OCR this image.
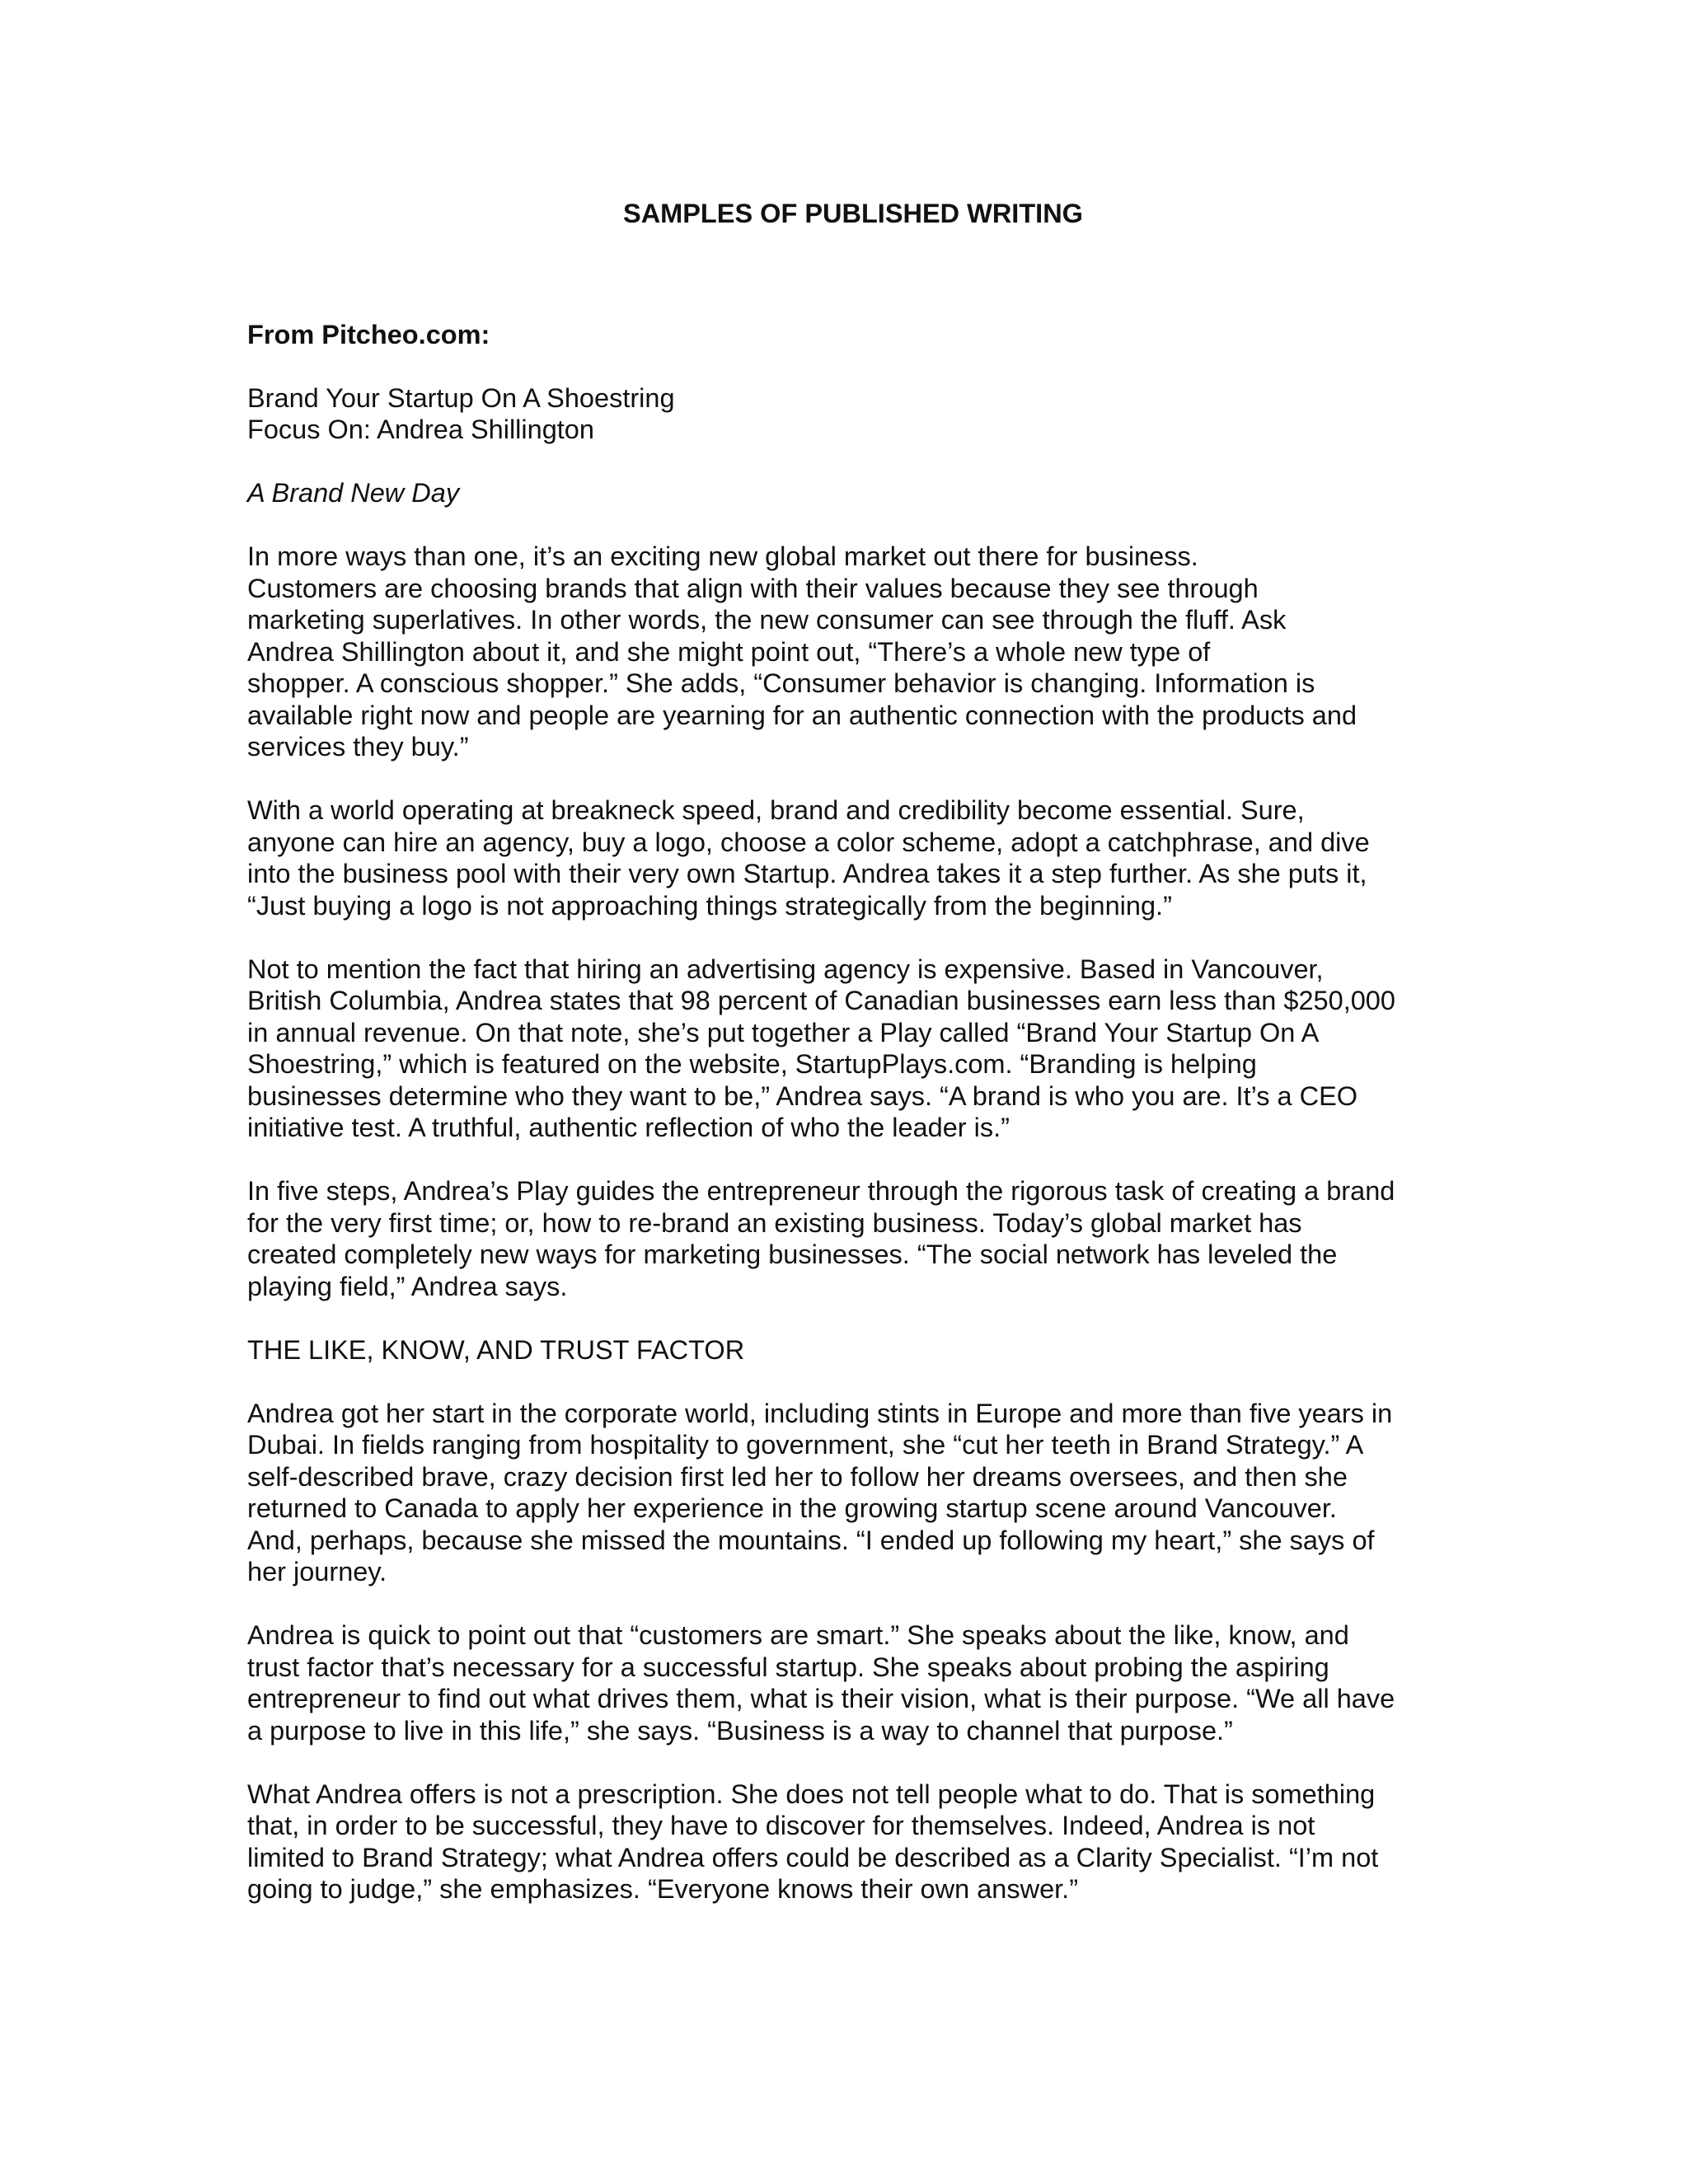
SAMPLES OF PUBLISHED WRITING
From Pitcheo.com:
Brand Your Startup On A Shoestring
Focus On: Andrea Shillington
A Brand New Day

In more ways than one, it’s an exciting new global market out there for business.
Customers are choosing brands that align with their values because they see through
marketing superlatives. In other words, the new consumer can see through the fluff. Ask
Andrea Shillington about it, and she might point out, “There’s a whole new type of
shopper. A conscious shopper.” She adds, “Consumer behavior is changing. Information is
available right now and people are yearning for an authentic connection with the products and
services they buy.”

With a world operating at breakneck speed, brand and credibility become essential. Sure,
anyone can hire an agency, buy a logo, choose a color scheme, adopt a catchphrase, and dive
into the business pool with their very own Startup. Andrea takes it a step further. As she puts it,
“Just buying a logo is not approaching things strategically from the beginning.”

Not to mention the fact that hiring an advertising agency is expensive. Based in Vancouver,
British Columbia, Andrea states that 98 percent of Canadian businesses earn less than $250,000
in annual revenue. On that note, she’s put together a Play called “Brand Your Startup On A
Shoestring,” which is featured on the website, StartupPlays.com. “Branding is helping
businesses determine who they want to be,” Andrea says. “A brand is who you are. It’s a CEO
initiative test. A truthful, authentic reflection of who the leader is.”

In five steps, Andrea’s Play guides the entrepreneur through the rigorous task of creating a brand
for the very first time; or, how to re-brand an existing business. Today’s global market has
created completely new ways for marketing businesses. “The social network has leveled the
playing field,” Andrea says.

THE LIKE, KNOW, AND TRUST FACTOR

Andrea got her start in the corporate world, including stints in Europe and more than five years in
Dubai. In fields ranging from hospitality to government, she “cut her teeth in Brand Strategy.” A
self-described brave, crazy decision first led her to follow her dreams oversees, and then she
returned to Canada to apply her experience in the growing startup scene around Vancouver.
And, perhaps, because she missed the mountains. “I ended up following my heart,” she says of
her journey.

Andrea is quick to point out that “customers are smart.” She speaks about the like, know, and
trust factor that’s necessary for a successful startup. She speaks about probing the aspiring
entrepreneur to find out what drives them, what is their vision, what is their purpose. “We all have
a purpose to live in this life,” she says. “Business is a way to channel that purpose.”

What Andrea offers is not a prescription. She does not tell people what to do. That is something
that, in order to be successful, they have to discover for themselves. Indeed, Andrea is not
limited to Brand Strategy; what Andrea offers could be described as a Clarity Specialist. “I’m not
going to judge,” she emphasizes. “Everyone knows their own answer.”
